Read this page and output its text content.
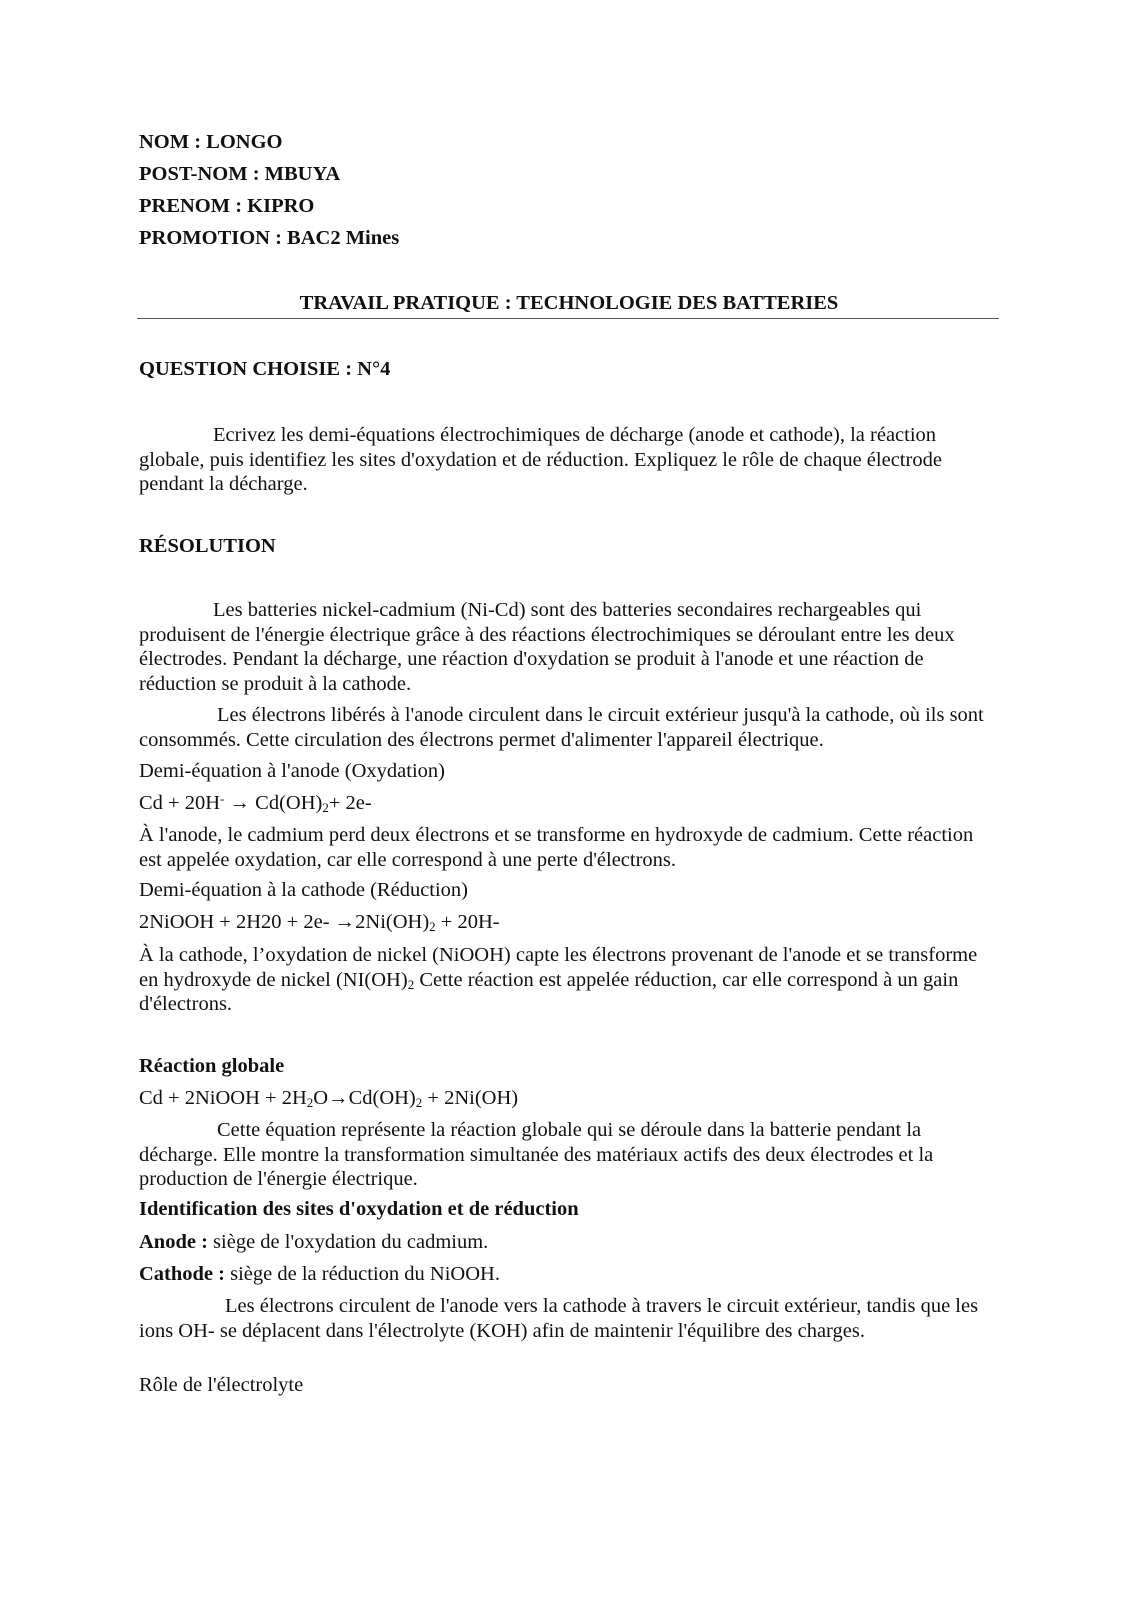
NOM : LONGO

POST-NOM : MBUYA

PRENOM : KIPRO

PROMOTION : BAC2 Mines

TRAVAIL PRATIQUE : TECHNOLOGIE DES BATTERIES

QUESTION CHOISIE : N°4

Ecrivez les demi-équations électrochimiques de décharge (anode et cathode), la réaction globale, puis identifiez les sites d'oxydation et de réduction. Expliquez le rôle de chaque électrode pendant la décharge.

RÉSOLUTION

Les batteries nickel-cadmium (Ni-Cd) sont des batteries secondaires rechargeables qui produisent de l'énergie électrique grâce à des réactions électrochimiques se déroulant entre les deux électrodes. Pendant la décharge, une réaction d'oxydation se produit à l'anode et une réaction de réduction se produit à la cathode.

Les électrons libérés à l'anode circulent dans le circuit extérieur jusqu'à la cathode, où ils sont consommés. Cette circulation des électrons permet d'alimenter l'appareil électrique.

Demi-équation à l'anode (Oxydation)

$Cd + 20H^- \to Cd(OH)_2+ 2e-$

À l'anode, le cadmium perd deux électrons et se transforme en hydroxyde de cadmium. Cette réaction est appelée oxydation, car elle correspond à une perte d'électrons.

Demi-équation à la cathode (Réduction)

2NiOOH + $2H20 + 2e- \to 2Ni(OH)_2 + 20H-$

À la cathode, l’oxydation de nickel (NiOOH) capte les électrons provenant de l'anode et se transforme en hydroxyde de nickel ($NI(OH)_2$ Cette réaction est appelée réduction, car elle correspond à un gain d'électrons.

Réaction globale

Cd + 2NiOOH + $2H_2O\to Cd(OH)_2 + 2Ni(OH)$

Cette équation représente la réaction globale qui se déroule dans la batterie pendant la décharge. Elle montre la transformation simultanée des matériaux actifs des deux électrodes et la production de l'énergie électrique.

Identification des sites d'oxydation et de réduction

Anode : siège de l'oxydation du cadmium.

Cathode : siège de la réduction du NiOOH.

Les électrons circulent de l'anode vers la cathode à travers le circuit extérieur, tandis que les ions OH- se déplacent dans l'électrolyte (KOH) afin de maintenir l'équilibre des charges.

Rôle de l'électrolyte
